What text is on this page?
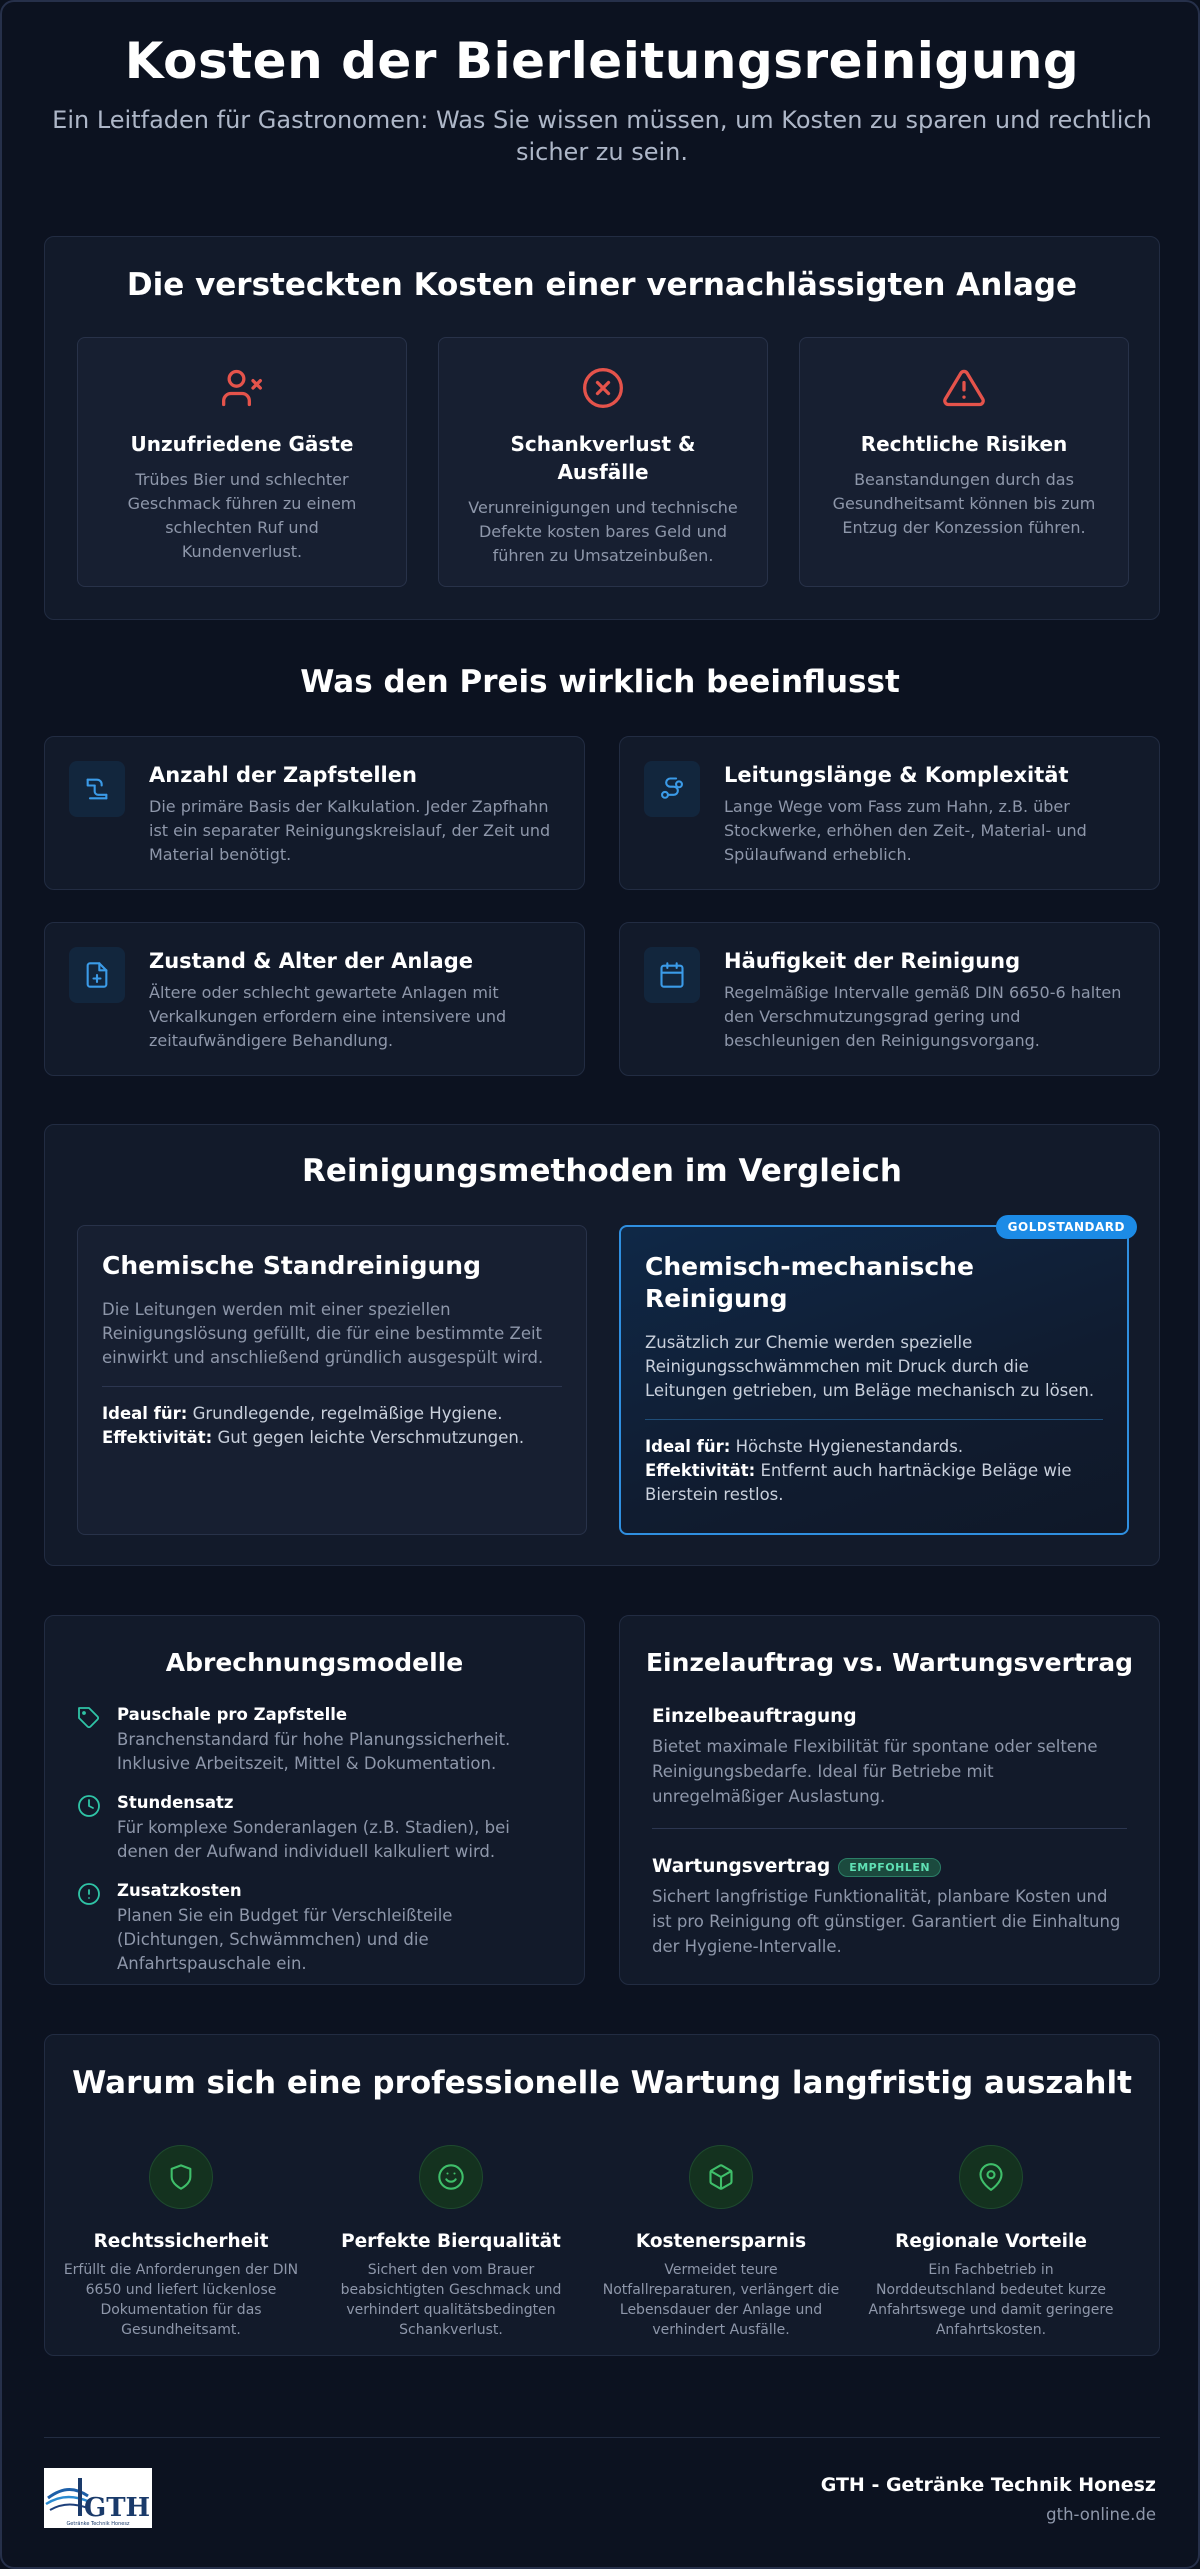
Kosten der Bierleitungsreinigung

Ein Leitfaden für Gastronomen: Was Sie wissen müssen, um Kosten zu sparen und rechtlich sicher zu sein.

Die versteckten Kosten einer vernachlässigten Anlage
Unzufriedene Gäste

Trübes Bier und schlechter Geschmack führen zu einem schlechten Ruf und Kundenverlust.

Schankverlust & Ausfälle

Verunreinigungen und technische Defekte kosten bares Geld und führen zu Umsatzeinbußen.

Rechtliche Risiken

Beanstandungen durch das Gesundheitsamt können bis zum Entzug der Konzession führen.

Was den Preis wirklich beeinflusst
Anzahl der Zapfstellen

Die primäre Basis der Kalkulation. Jeder Zapfhahn ist ein separater Reinigungskreislauf, der Zeit und Material benötigt.

Leitungslänge & Komplexität

Lange Wege vom Fass zum Hahn, z.B. über Stockwerke, erhöhen den Zeit-, Material- und Spülaufwand erheblich.

Zustand & Alter der Anlage

Ältere oder schlecht gewartete Anlagen mit Verkalkungen erfordern eine intensivere und zeitaufwändigere Behandlung.

Häufigkeit der Reinigung

Regelmäßige Intervalle gemäß DIN 6650-6 halten den Verschmutzungsgrad gering und beschleunigen den Reinigungsvorgang.

Reinigungsmethoden im Vergleich
Chemische Standreinigung
Die Leitungen werden mit einer speziellen Reinigungslösung gefüllt, die für eine bestimmte Zeit einwirkt und anschließend gründlich ausgespült wird.
Ideal für: Grundlegende, regelmäßige Hygiene.
Effektivität: Gut gegen leichte Verschmutzungen.
GOLDSTANDARD
Chemisch-mechanische Reinigung
Zusätzlich zur Chemie werden spezielle Reinigungsschwämmchen mit Druck durch die Leitungen getrieben, um Beläge mechanisch zu lösen.
Ideal für: Höchste Hygienestandards.
Effektivität: Entfernt auch hartnäckige Beläge wie Bierstein restlos.
Abrechnungsmodelle
Pauschale pro Zapfstelle

Branchenstandard für hohe Planungssicherheit. Inklusive Arbeitszeit, Mittel & Dokumentation.

Stundensatz

Für komplexe Sonderanlagen (z.B. Stadien), bei denen der Aufwand individuell kalkuliert wird.

Zusatzkosten

Planen Sie ein Budget für Verschleißteile (Dichtungen, Schwämmchen) und die Anfahrtspauschale ein.

Einzelauftrag vs. Wartungsvertrag
Einzelbeauftragung

Bietet maximale Flexibilität für spontane oder seltene Reinigungsbedarfe. Ideal für Betriebe mit unregelmäßiger Auslastung.

Wartungsvertrag EMPFOHLEN

Sichert langfristige Funktionalität, planbare Kosten und ist pro Reinigung oft günstiger. Garantiert die Einhaltung der Hygiene-Intervalle.

Warum sich eine professionelle Wartung langfristig auszahlt
Rechtssicherheit

Erfüllt die Anforderungen der DIN 6650 und liefert lückenlose Dokumentation für das Gesundheitsamt.

Perfekte Bierqualität

Sichert den vom Brauer beabsichtigten Geschmack und verhindert qualitätsbedingten Schankverlust.

Kostenersparnis

Vermeidet teure Notfallreparaturen, verlängert die Lebensdauer der Anlage und verhindert Ausfälle.

Regionale Vorteile

Ein Fachbetrieb in Norddeutschland bedeutet kurze Anfahrtswege und damit geringere Anfahrtskosten.

GTH
Getränke Technik Honesz
GTH - Getränke Technik Honesz
gth-online.de
